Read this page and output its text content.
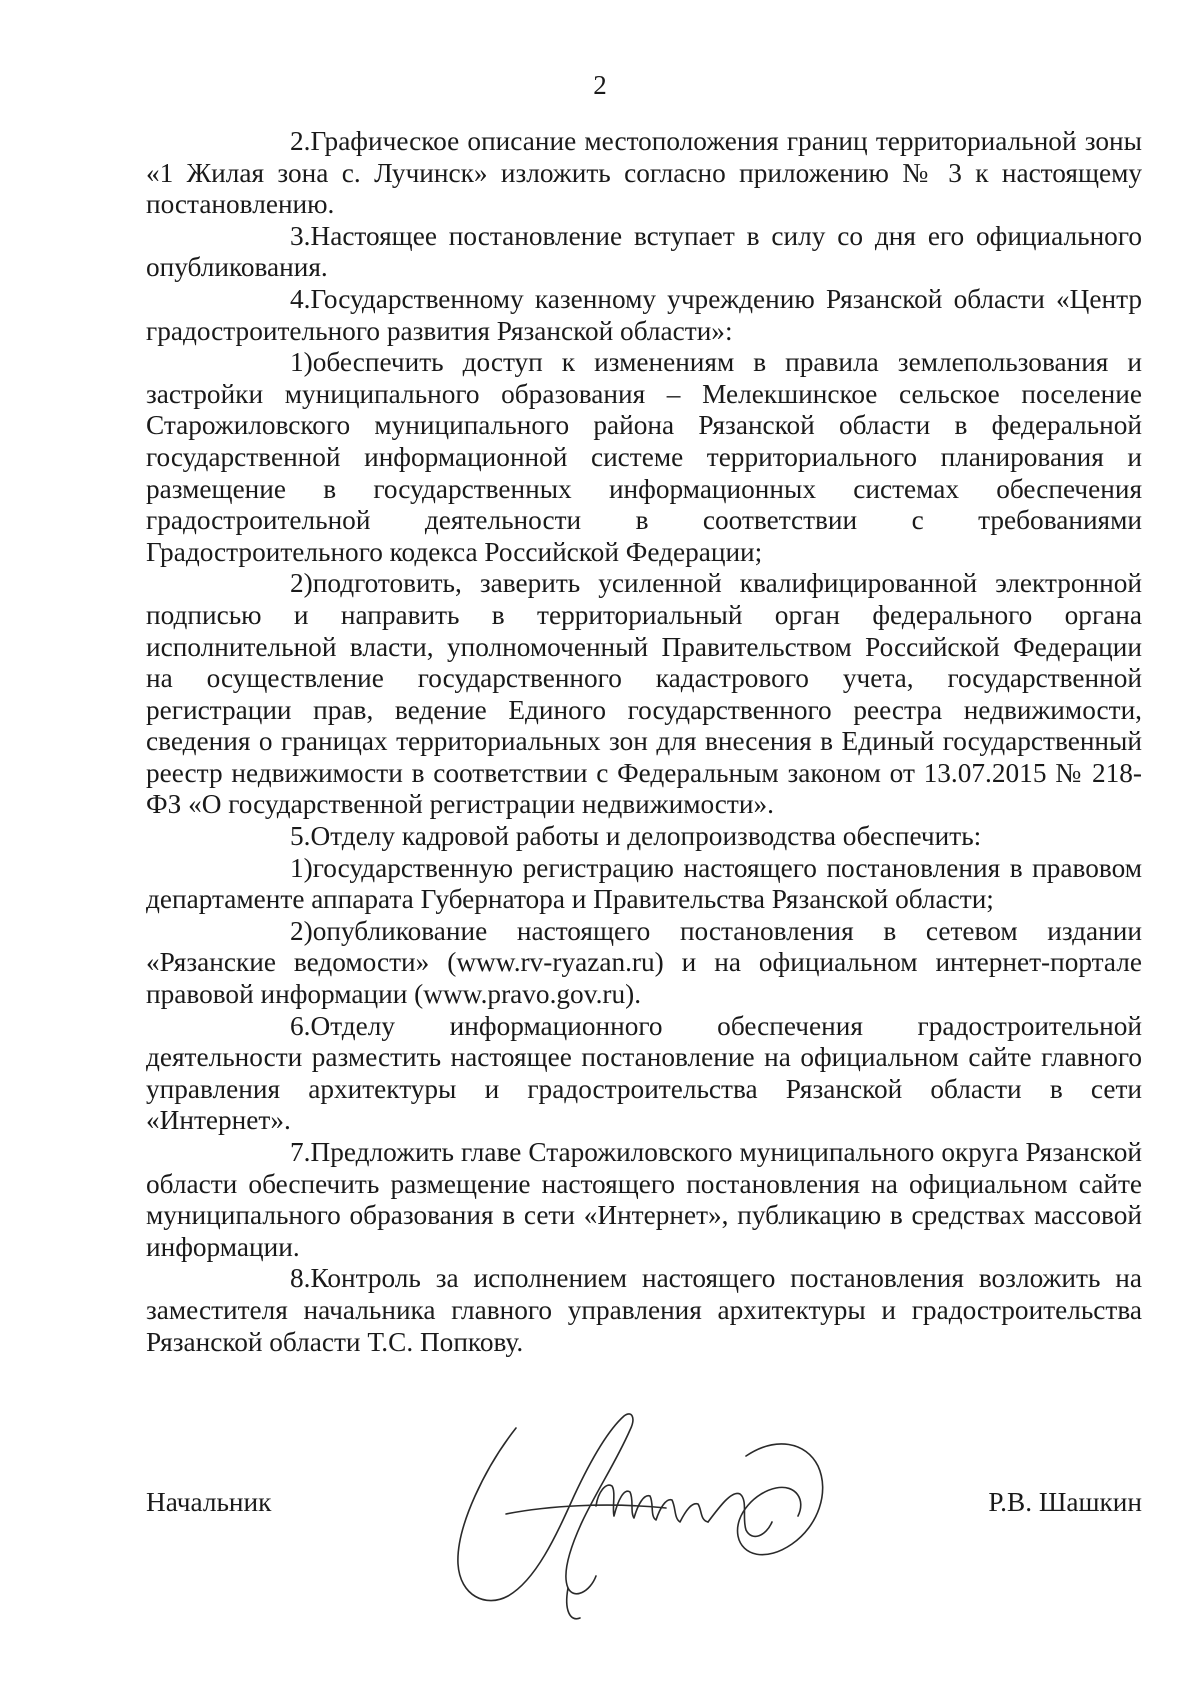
2

2.Графическое описание местоположения границ территориальной зоны «1 Жилая зона с. Лучинск» изложить согласно приложению № 3 к настоящему постановлению.

3.Настоящее постановление вступает в силу со дня его официального опубликования.

4.Государственному казенному учреждению Рязанской области «Центр градостроительного развития Рязанской области»:

1)обеспечить доступ к изменениям в правила землепользования и застройки муниципального образования – Мелекшинское сельское поселение Старожиловского муниципального района Рязанской области в федеральной государственной информационной системе территориального планирования и размещение в государственных информационных системах обеспечения градостроительной деятельности в соответствии с требованиями Градостроительного кодекса Российской Федерации;

2)подготовить, заверить усиленной квалифицированной электронной подписью и направить в территориальный орган федерального органа исполнительной власти, уполномоченный Правительством Российской Федерации на осуществление государственного кадастрового учета, государственной регистрации прав, ведение Единого государственного реестра недвижимости, сведения о границах территориальных зон для внесения в Единый государственный реестр недвижимости в соответствии с Федеральным законом от 13.07.2015 № 218-ФЗ «О государственной регистрации недвижимости».

5.Отделу кадровой работы и делопроизводства обеспечить:

1)государственную регистрацию настоящего постановления в правовом департаменте аппарата Губернатора и Правительства Рязанской области;

2)опубликование настоящего постановления в сетевом издании «Рязанские ведомости» (www.rv-ryazan.ru) и на официальном интернет-портале правовой информации (www.pravo.gov.ru).

6.Отделу информационного обеспечения градостроительной деятельности разместить настоящее постановление на официальном сайте главного управления архитектуры и градостроительства Рязанской области в сети «Интернет».

7.Предложить главе Старожиловского муниципального округа Рязанской области обеспечить размещение настоящего постановления на официальном сайте муниципального образования в сети «Интернет», публикацию в средствах массовой информации.

8.Контроль за исполнением настоящего постановления возложить на заместителя начальника главного управления архитектуры и градостроительства Рязанской области Т.С. Попкову.

Начальник	Р.В. Шашкин
